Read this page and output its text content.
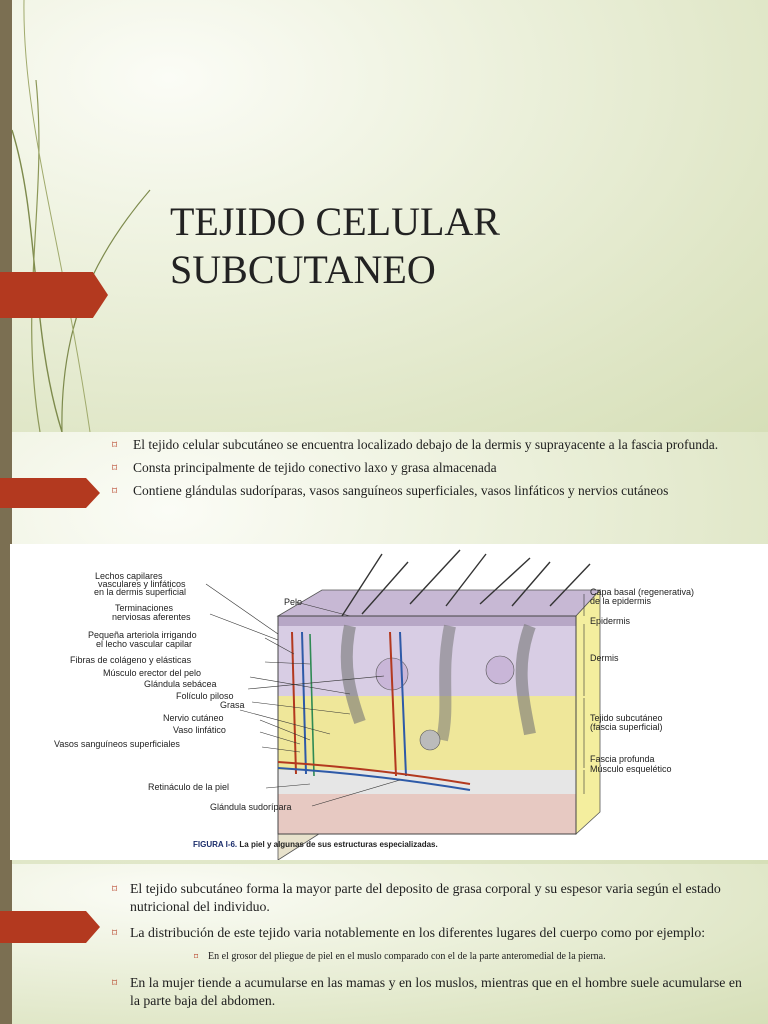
TEJIDO CELULAR
SUBCUTANEO
⌑ El tejido celular subcutáneo se encuentra localizado debajo de la dermis y suprayacente a la fascia profunda.
⌑ Consta principalmente de tejido conectivo laxo y grasa almacenada
⌑ Contiene glándulas sudoríparas, vasos sanguíneos superficiales, vasos linfáticos y nervios cutáneos
Lechos capilares
vasculares y linfáticos
en la dermis superficial
Terminaciones
nerviosas aferentes
Pequeña arteriola irrigando
el lecho vascular capilar
Fibras de colágeno y elásticas
Músculo erector del pelo
Glándula sebácea
Folículo piloso
Grasa
Nervio cutáneo
Vaso linfático
Vasos sanguíneos superficiales
Retináculo de la piel
Glándula sudorípara
Pelo
Capa basal (regenerativa)
de la epidermis
Epidermis
Dermis
Tejido subcutáneo
(fascia superficial)
Fascia profunda
Músculo esquelético
FIGURA I-6. La piel y algunas de sus estructuras especializadas.
⌑ El tejido subcutáneo forma la mayor parte del deposito de grasa corporal y su espesor varia según el estado nutricional del individuo.
⌑ La distribución de este tejido varia notablemente en los diferentes lugares del cuerpo como por ejemplo:
⌑ En el grosor del pliegue de piel en el muslo comparado con el de la parte anteromedial de la pierna.
⌑ En la mujer tiende a acumularse en las mamas y en los muslos, mientras que en el hombre suele acumularse en la parte baja del abdomen.
